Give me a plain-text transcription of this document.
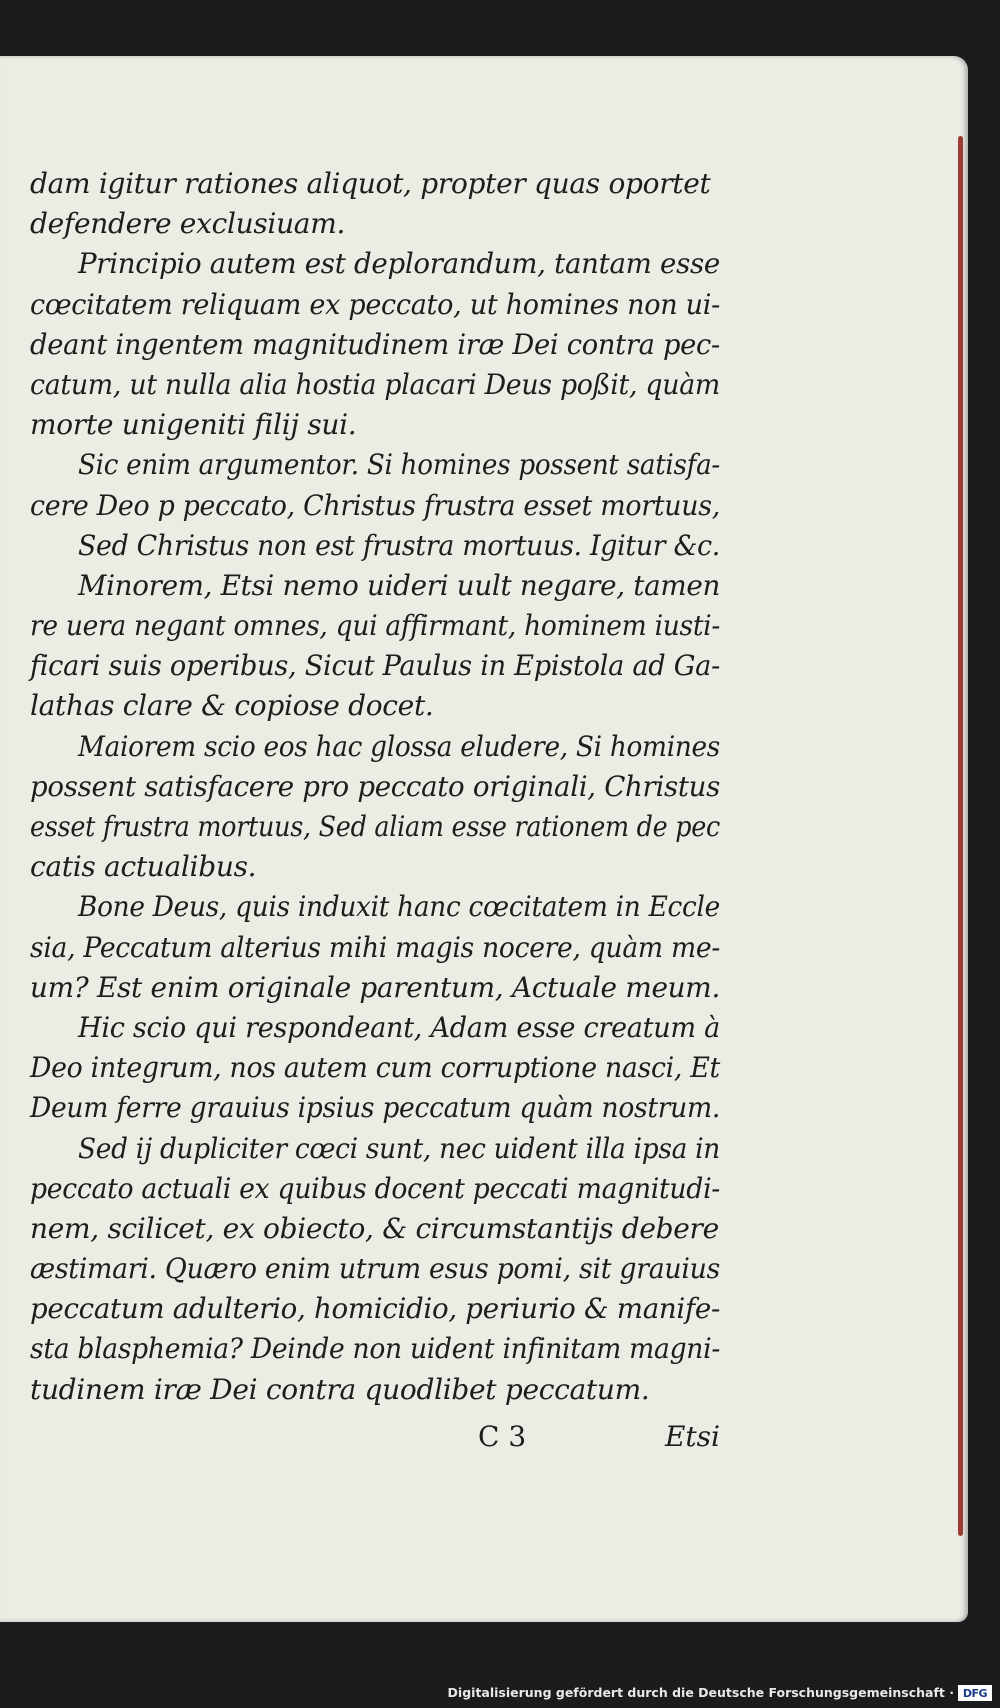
dam igitur rationes aliquot, propter quas oportet
defendere exclusiuam.
Principio autem est deplorandum, tantam esse
cœcitatem reliquam ex peccato, ut homines non ui-
deant ingentem magnitudinem iræ Dei contra pec-
catum, ut nulla alia hostia placari Deus poßit, quàm
morte unigeniti filij sui.
Sic enim argumentor. Si homines possent satisfa-
cere Deo p peccato, Christus frustra esset mortuus,
Sed Christus non est frustra mortuus. Igitur &c.
Minorem, Etsi nemo uideri uult negare, tamen
re uera negant omnes, qui affirmant, hominem iusti-
ficari suis operibus, Sicut Paulus in Epistola ad Ga-
lathas clare & copiose docet.
Maiorem scio eos hac glossa eludere, Si homines
possent satisfacere pro peccato originali, Christus
esset frustra mortuus, Sed aliam esse rationem de pec
catis actualibus.
Bone Deus, quis induxit hanc cœcitatem in Eccle
sia, Peccatum alterius mihi magis nocere, quàm me-
um? Est enim originale parentum, Actuale meum.
Hic scio qui respondeant, Adam esse creatum à
Deo integrum, nos autem cum corruptione nasci, Et
Deum ferre grauius ipsius peccatum quàm nostrum.
Sed ij dupliciter cœci sunt, nec uident illa ipsa in
peccato actuali ex quibus docent peccati magnitudi-
nem, scilicet, ex obiecto, & circumstantijs debere
æstimari. Quæro enim utrum esus pomi, sit grauius
peccatum adulterio, homicidio, periurio & manife-
sta blasphemia? Deinde non uident infinitam magni-
tudinem iræ Dei contra quodlibet peccatum.
C 3	Etsi
Digitalisierung gefördert durch die Deutsche Forschungsgemeinschaft · DFG
